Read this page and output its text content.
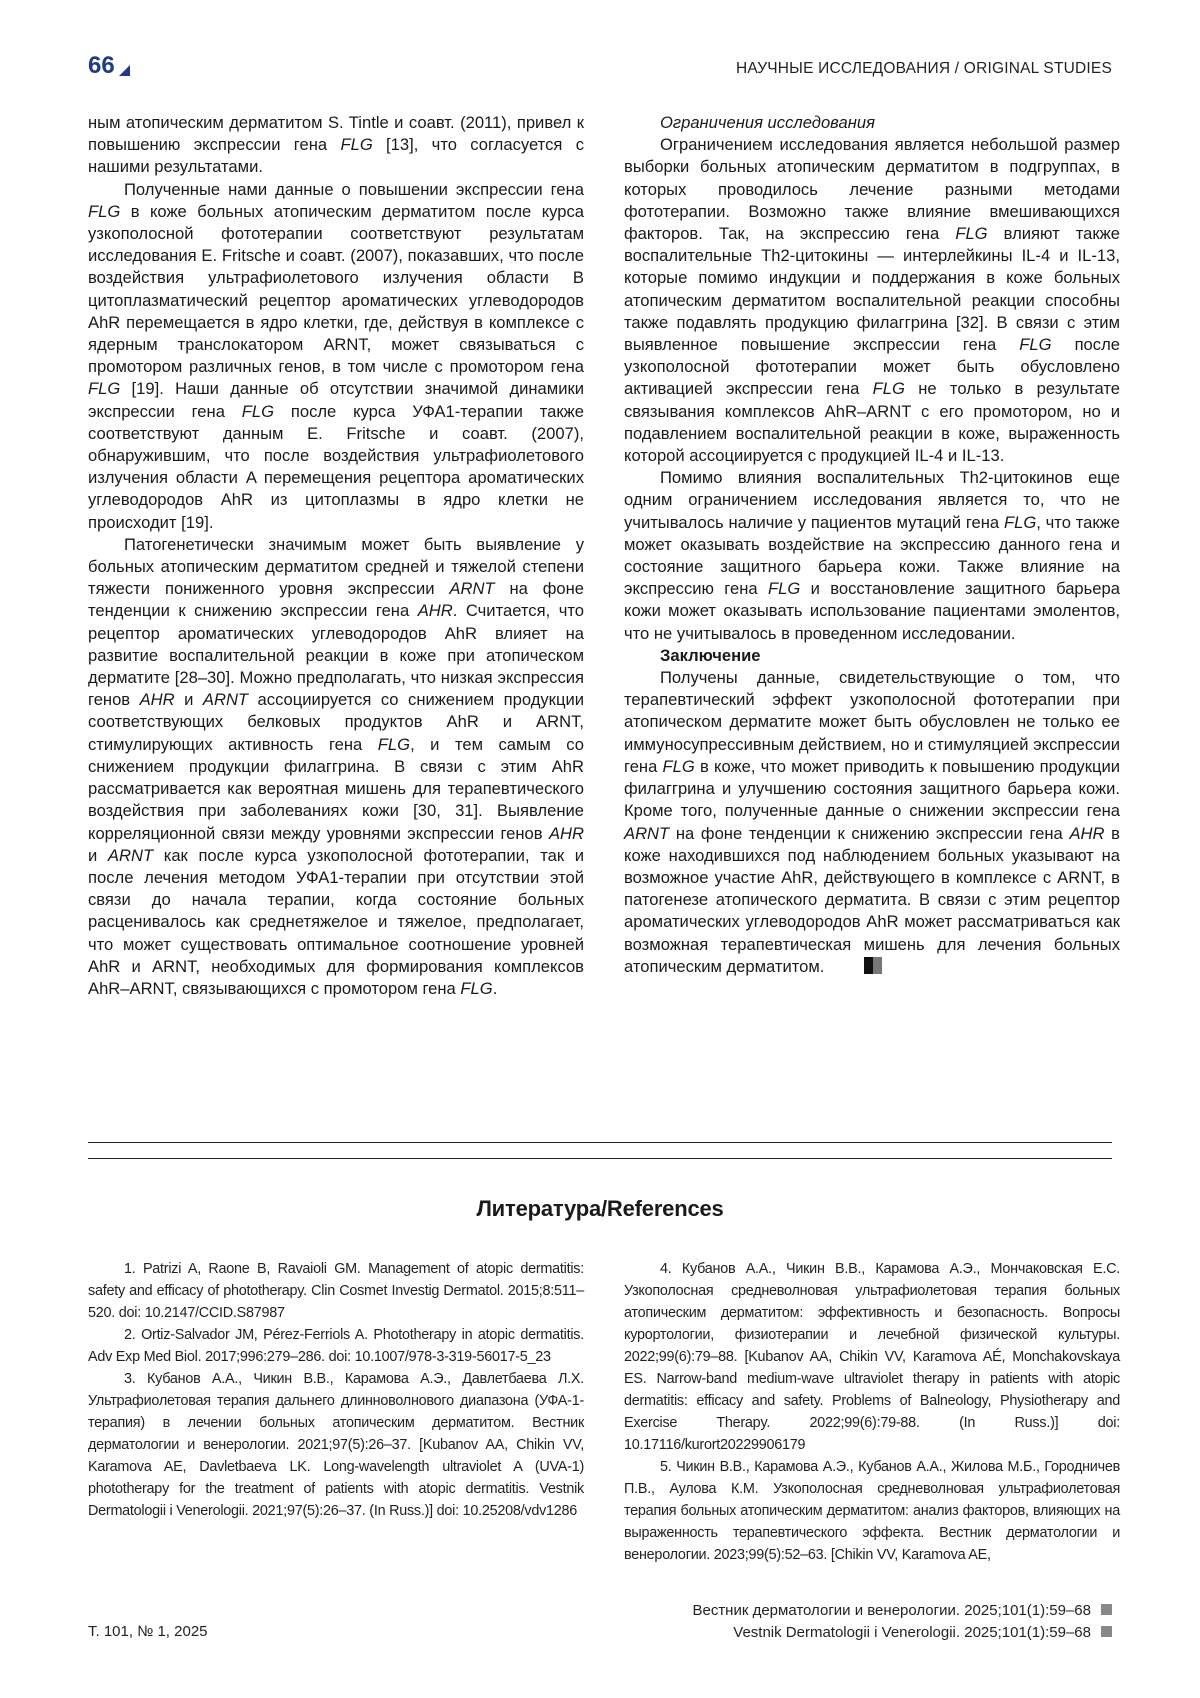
66	НАУЧНЫЕ ИССЛЕДОВАНИЯ / ORIGINAL STUDIES

ным атопическим дерматитом S. Tintle и соавт. (2011), привел к повышению экспрессии гена FLG [13], что согласуется с нашими результатами.

Полученные нами данные о повышении экспрессии гена FLG в коже больных атопическим дерматитом после курса узкополосной фототерапии соответствуют результатам исследования E. Fritsche и соавт. (2007), показавших, что после воздействия ультрафиолетового излучения области B цитоплазматический рецептор ароматических углеводородов AhR перемещается в ядро клетки, где, действуя в комплексе с ядерным транслокатором ARNT, может связываться с промотором различных генов, в том числе с промотором гена FLG [19]. Наши данные об отсутствии значимой динамики экспрессии гена FLG после курса УФА1-терапии также соответствуют данным E. Fritsche и соавт. (2007), обнаружившим, что после воздействия ультрафиолетового излучения области A перемещения рецептора ароматических углеводородов AhR из цитоплазмы в ядро клетки не происходит [19].

Патогенетически значимым может быть выявление у больных атопическим дерматитом средней и тяжелой степени тяжести пониженного уровня экспрессии ARNT на фоне тенденции к снижению экспрессии гена AHR. Считается, что рецептор ароматических углеводородов AhR влияет на развитие воспалительной реакции в коже при атопическом дерматите [28–30]. Можно предполагать, что низкая экспрессия генов AHR и ARNT ассоциируется со снижением продукции соответствующих белковых продуктов AhR и ARNT, стимулирующих активность гена FLG, и тем самым со снижением продукции филаггрина. В связи с этим AhR рассматривается как вероятная мишень для терапевтического воздействия при заболеваниях кожи [30, 31]. Выявление корреляционной связи между уровнями экспрессии генов AHR и ARNT как после курса узкополосной фототерапии, так и после лечения методом УФА1-терапии при отсутствии этой связи до начала терапии, когда состояние больных расценивалось как среднетяжелое и тяжелое, предполагает, что может существовать оптимальное соотношение уровней AhR и ARNT, необходимых для формирования комплексов AhR–ARNT, связывающихся с промотором гена FLG.

Ограничения исследования

Ограничением исследования является небольшой размер выборки больных атопическим дерматитом в подгруппах, в которых проводилось лечение разными методами фототерапии. Возможно также влияние вмешивающихся факторов. Так, на экспрессию гена FLG влияют также воспалительные Th2-цитокины — интерлейкины IL-4 и IL-13, которые помимо индукции и поддержания в коже больных атопическим дерматитом воспалительной реакции способны также подавлять продукцию филаггрина [32]. В связи с этим выявленное повышение экспрессии гена FLG после узкополосной фототерапии может быть обусловлено активацией экспрессии гена FLG не только в результате связывания комплексов AhR–ARNT с его промотором, но и подавлением воспалительной реакции в коже, выраженность которой ассоциируется с продукцией IL-4 и IL-13.

Помимо влияния воспалительных Th2-цитокинов еще одним ограничением исследования является то, что не учитывалось наличие у пациентов мутаций гена FLG, что также может оказывать воздействие на экспрессию данного гена и состояние защитного барьера кожи. Также влияние на экспрессию гена FLG и восстановление защитного барьера кожи может оказывать использование пациентами эмолентов, что не учитывалось в проведенном исследовании.

Заключение

Получены данные, свидетельствующие о том, что терапевтический эффект узкополосной фототерапии при атопическом дерматите может быть обусловлен не только ее иммуносупрессивным действием, но и стимуляцией экспрессии гена FLG в коже, что может приводить к повышению продукции филаггрина и улучшению состояния защитного барьера кожи. Кроме того, полученные данные о снижении экспрессии гена ARNT на фоне тенденции к снижению экспрессии гена AHR в коже находившихся под наблюдением больных указывают на возможное участие AhR, действующего в комплексе с ARNT, в патогенезе атопического дерматита. В связи с этим рецептор ароматических углеводородов AhR может рассматриваться как возможная терапевтическая мишень для лечения больных атопическим дерматитом.

Литература/References

1. Patrizi A, Raone B, Ravaioli GM. Management of atopic dermatitis: safety and efficacy of phototherapy. Clin Cosmet Investig Dermatol. 2015;8:511–520. doi: 10.2147/CCID.S87987

2. Ortiz-Salvador JM, Pérez-Ferriols A. Phototherapy in atopic dermatitis. Adv Exp Med Biol. 2017;996:279–286. doi: 10.1007/978-3-319-56017-5_23

3. Кубанов А.А., Чикин В.В., Карамова А.Э., Давлетбаева Л.Х. Ультрафиолетовая терапия дальнего длинноволнового диапазона (УФА-1-терапия) в лечении больных атопическим дерматитом. Вестник дерматологии и венерологии. 2021;97(5):26–37. [Kubanov AA, Chikin VV, Karamova AE, Davletbaeva LK. Long-wavelength ultraviolet A (UVA-1) phototherapy for the treatment of patients with atopic dermatitis. Vestnik Dermatologii i Venerologii. 2021;97(5):26–37. (In Russ.)] doi: 10.25208/vdv1286

4. Кубанов А.А., Чикин В.В., Карамова А.Э., Мончаковская Е.С. Узкополосная средневолновая ультрафиолетовая терапия больных атопическим дерматитом: эффективность и безопасность. Вопросы курортологии, физиотерапии и лечебной физической культуры. 2022;99(6):79–88. [Kubanov AA, Chikin VV, Karamova AÉ, Monchakovskaya ES. Narrow-band medium-wave ultraviolet therapy in patients with atopic dermatitis: efficacy and safety. Problems of Balneology, Physiotherapy and Exercise Therapy. 2022;99(6):79-88. (In Russ.)] doi: 10.17116/kurort20229906179

5. Чикин В.В., Карамова А.Э., Кубанов А.А., Жилова М.Б., Городничев П.В., Аулова К.М. Узкополосная средневолновая ультрафиолетовая терапия больных атопическим дерматитом: анализ факторов, влияющих на выраженность терапевтического эффекта. Вестник дерматологии и венерологии. 2023;99(5):52–63. [Chikin VV, Karamova AE,

Т. 101, № 1, 2025
Вестник дерматологии и венерологии. 2025;101(1):59–68
Vestnik Dermatologii i Venerologii. 2025;101(1):59–68
